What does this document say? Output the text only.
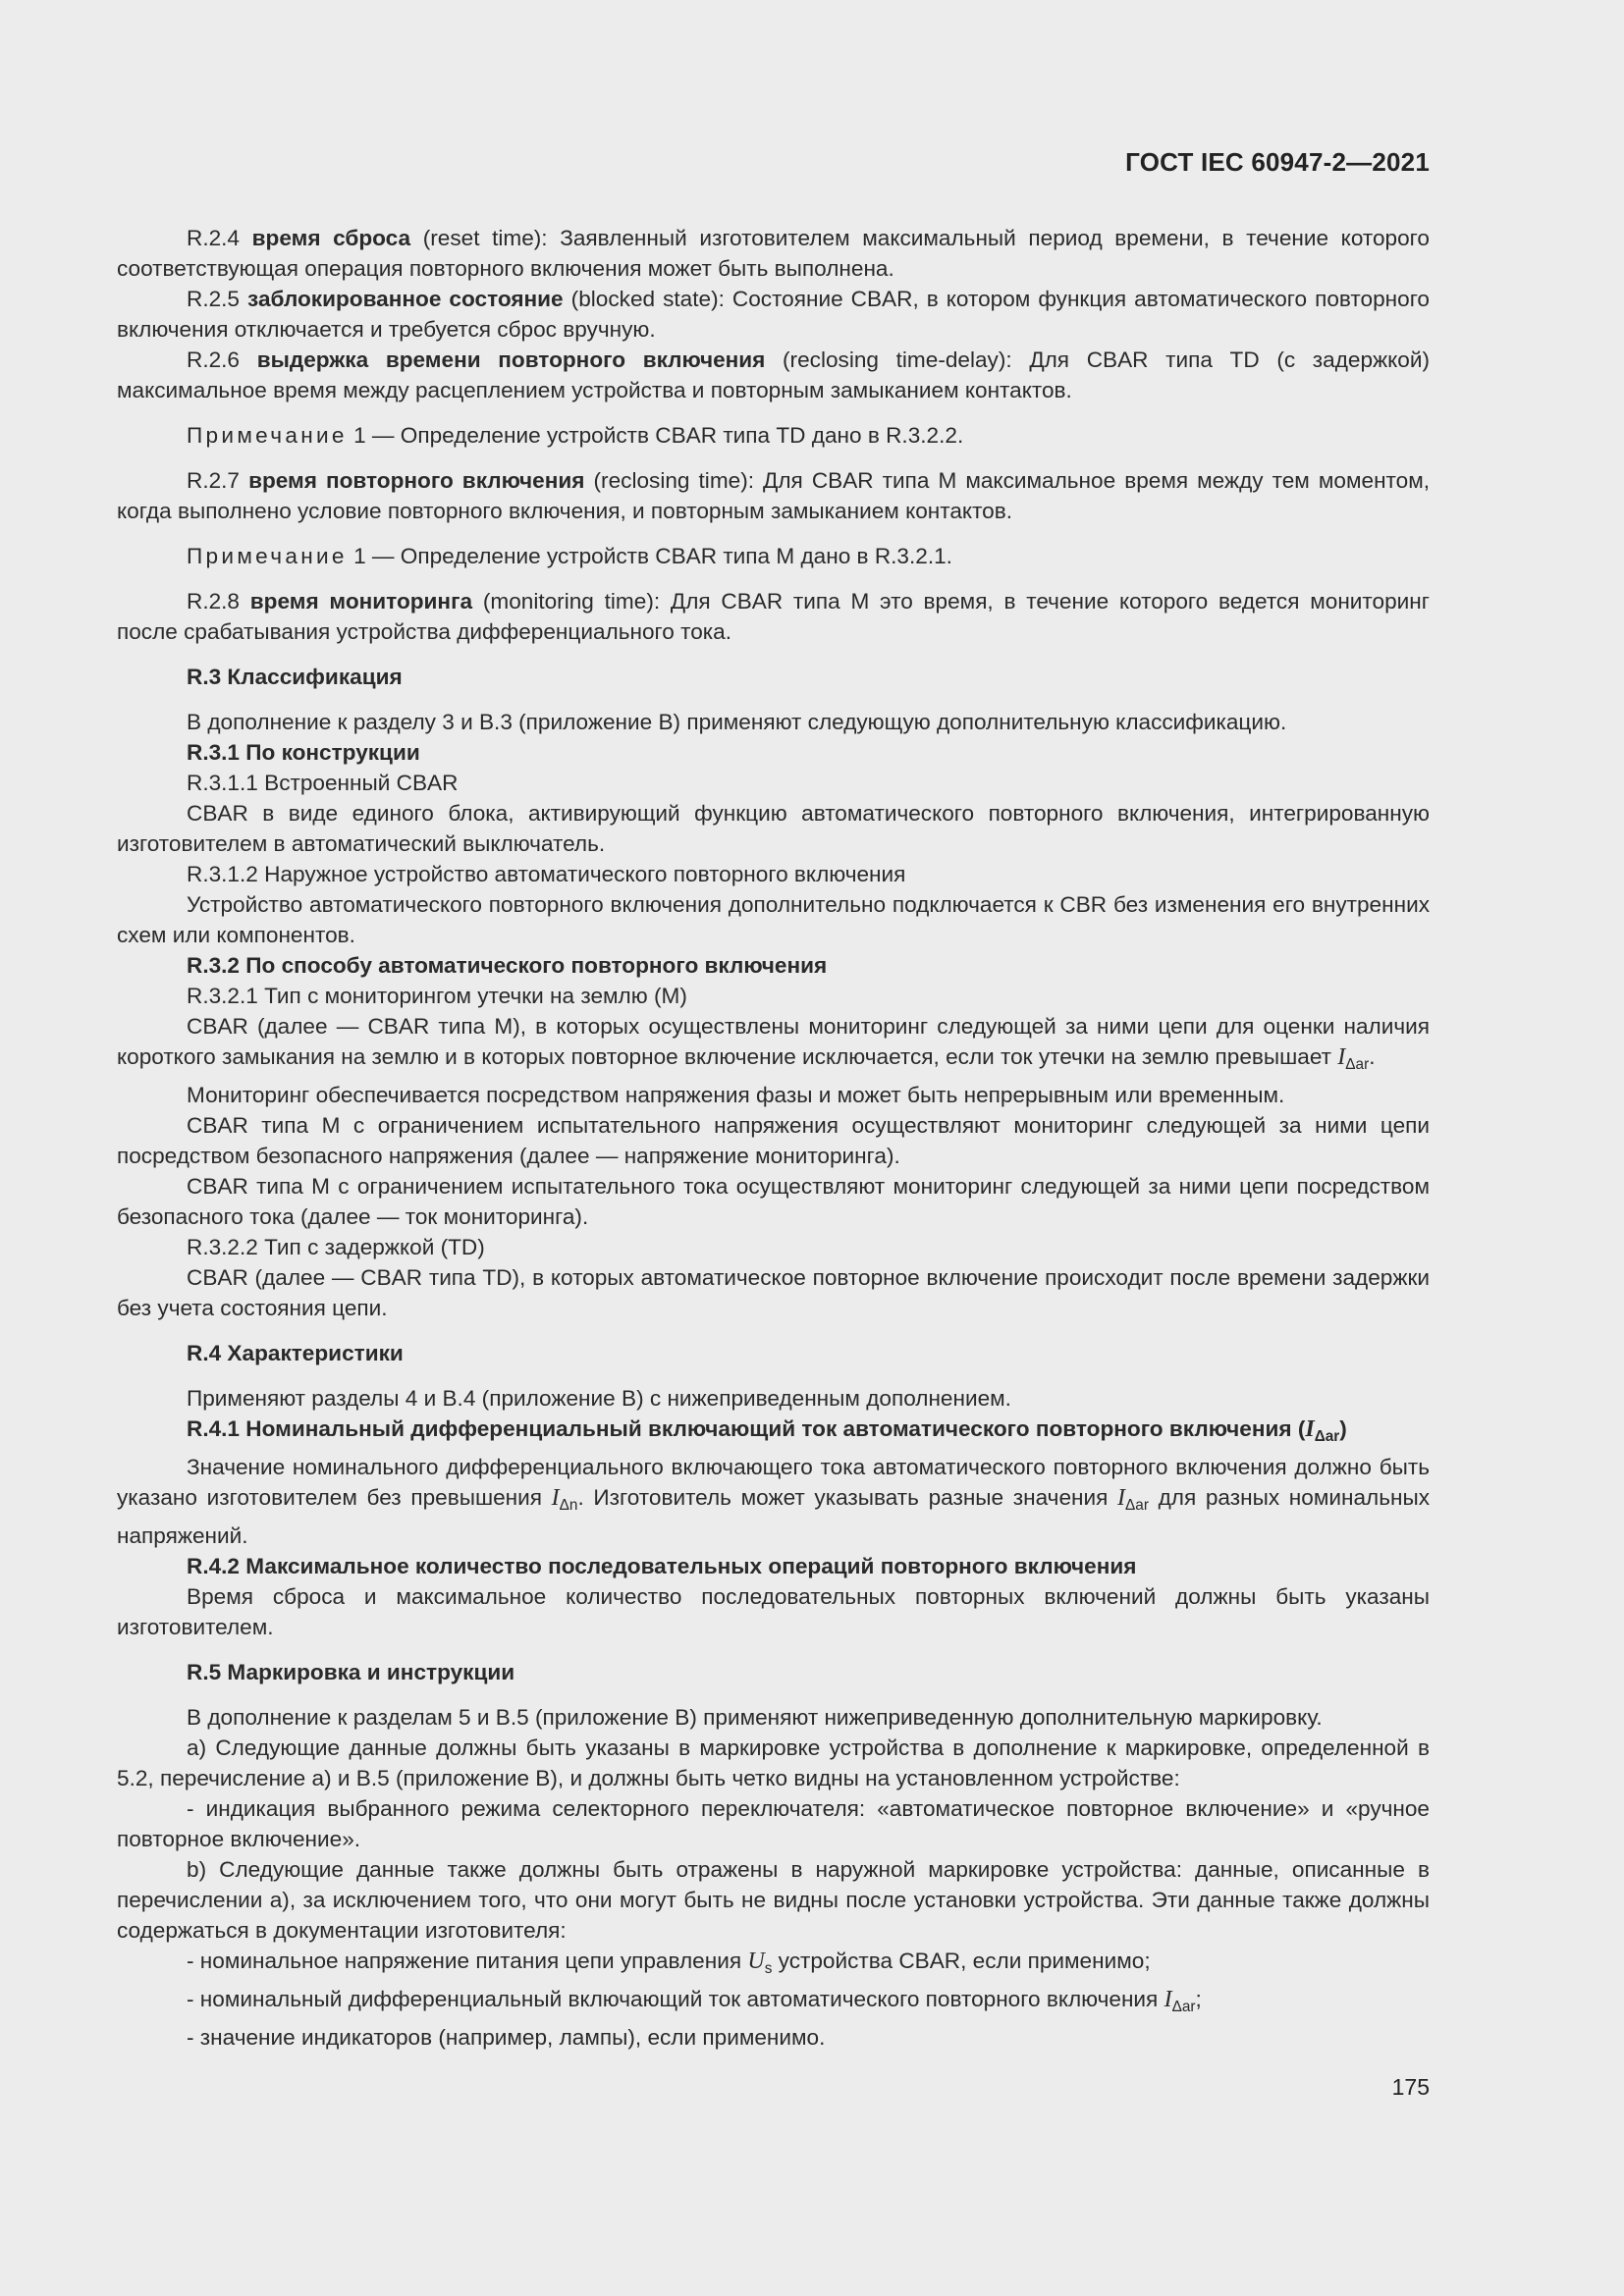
ГОСТ IEC 60947-2—2021

R.2.4 время сброса (reset time): Заявленный изготовителем максимальный период времени, в течение которого соответствующая операция повторного включения может быть выполнена.

R.2.5 заблокированное состояние (blocked state): Состояние CBAR, в котором функция автоматического повторного включения отключается и требуется сброс вручную.

R.2.6 выдержка времени повторного включения (reclosing time-delay): Для CBAR типа TD (с задержкой) максимальное время между расцеплением устройства и повторным замыканием контактов.

Примечание 1 — Определение устройств CBAR типа TD дано в R.3.2.2.

R.2.7 время повторного включения (reclosing time): Для CBAR типа М максимальное время между тем моментом, когда выполнено условие повторного включения, и повторным замыканием контактов.

Примечание 1 — Определение устройств CBAR типа М дано в R.3.2.1.

R.2.8 время мониторинга (monitoring time): Для CBAR типа М это время, в течение которого ведется мониторинг после срабатывания устройства дифференциального тока.

R.3 Классификация

В дополнение к разделу 3 и B.3 (приложение В) применяют следующую дополнительную классификацию.

R.3.1 По конструкции

R.3.1.1 Встроенный CBAR

CBAR в виде единого блока, активирующий функцию автоматического повторного включения, интегрированную изготовителем в автоматический выключатель.

R.3.1.2 Наружное устройство автоматического повторного включения

Устройство автоматического повторного включения дополнительно подключается к CBR без изменения его внутренних схем или компонентов.

R.3.2 По способу автоматического повторного включения

R.3.2.1 Тип с мониторингом утечки на землю (М)

CBAR (далее — CBAR типа М), в которых осуществлены мониторинг следующей за ними цепи для оценки наличия короткого замыкания на землю и в которых повторное включение исключается, если ток утечки на землю превышает $I_{\Delta ar}$.

Мониторинг обеспечивается посредством напряжения фазы и может быть непрерывным или временным.

CBAR типа М с ограничением испытательного напряжения осуществляют мониторинг следующей за ними цепи посредством безопасного напряжения (далее — напряжение мониторинга).

CBAR типа М с ограничением испытательного тока осуществляют мониторинг следующей за ними цепи посредством безопасного тока (далее — ток мониторинга).

R.3.2.2 Тип с задержкой (TD)

CBAR (далее — CBAR типа TD), в которых автоматическое повторное включение происходит после времени задержки без учета состояния цепи.

R.4 Характеристики

Применяют разделы 4 и В.4 (приложение В) с нижеприведенным дополнением.

R.4.1 Номинальный дифференциальный включающий ток автоматического повторного включения $(I_{\Delta ar})$

Значение номинального дифференциального включающего тока автоматического повторного включения должно быть указано изготовителем без превышения $I_{\Delta n}$. Изготовитель может указывать разные значения $I_{\Delta ar}$ для разных номинальных напряжений.

R.4.2 Максимальное количество последовательных операций повторного включения

Время сброса и максимальное количество последовательных повторных включений должны быть указаны изготовителем.

R.5 Маркировка и инструкции

В дополнение к разделам 5 и B.5 (приложение В) применяют нижеприведенную дополнительную маркировку.

а) Следующие данные должны быть указаны в маркировке устройства в дополнение к маркировке, определенной в 5.2, перечисление а) и B.5 (приложение В), и должны быть четко видны на установленном устройстве:

- индикация выбранного режима селекторного переключателя: «автоматическое повторное включение» и «ручное повторное включение».

b) Следующие данные также должны быть отражены в наружной маркировке устройства: данные, описанные в перечислении а), за исключением того, что они могут быть не видны после установки устройства. Эти данные также должны содержаться в документации изготовителя:

- номинальное напряжение питания цепи управления $U_s$ устройства CBAR, если применимо;

- номинальный дифференциальный включающий ток автоматического повторного включения $I_{\Delta ar}$;

- значение индикаторов (например, лампы), если применимо.

175
